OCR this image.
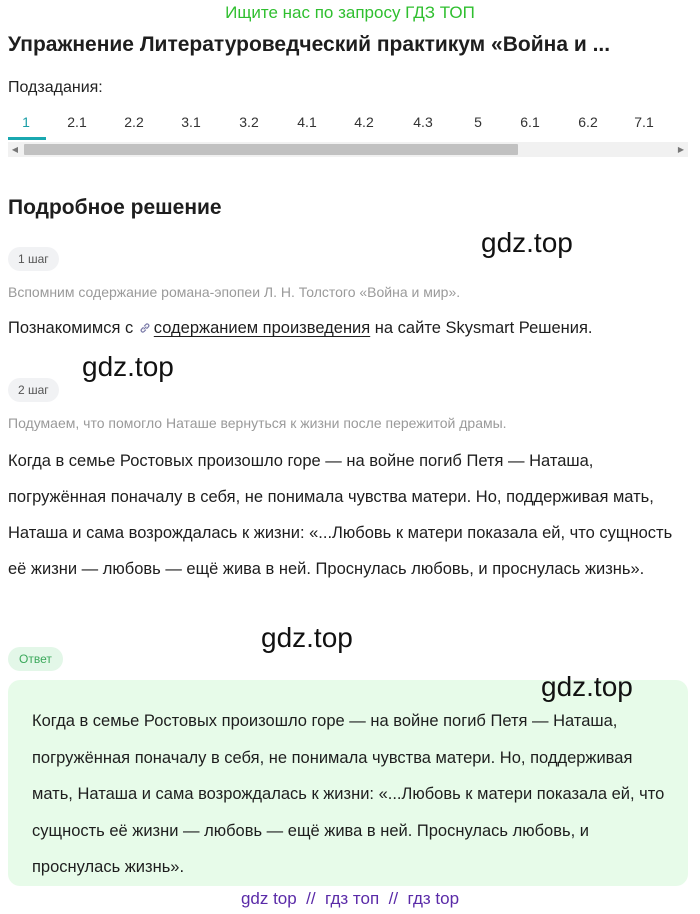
Ищите нас по запросу ГДЗ ТОП
Упражнение Литературоведческий практикум «Война и ...
Подзадания:
1	2.1	2.2	3.1	3.2	4.1	4.2	4.3	5	6.1	6.2	7.1
◀	▶
Подробное решение
1 шаг
Вспомним содержание романа-эпопеи Л. Н. Толстого «Война и мир».

Познакомимся с содержанием произведения на сайте Skysmart Решения.

2 шаг
Подумаем, что помогло Наташе вернуться к жизни после пережитой драмы.

Когда в семье Ростовых произошло горе — на войне погиб Петя — Наташа, погружённая поначалу в себя, не понимала чувства матери. Но, поддерживая мать, Наташа и сама возрождалась к жизни: «...Любовь к матери показала ей, что сущность её жизни — любовь — ещё жива в ней. Проснулась любовь, и проснулась жизнь».

Ответ

Когда в семье Ростовых произошло горе — на войне погиб Петя — Наташа, погружённая поначалу в себя, не понимала чувства матери. Но, поддерживая мать, Наташа и сама возрождалась к жизни: «...Любовь к матери показала ей, что сущность её жизни — любовь — ещё жива в ней. Проснулась любовь, и проснулась жизнь».

gdz.top
gdz.top
gdz.top
gdz.top
gdz top  //  гдз топ  //  гдз top
